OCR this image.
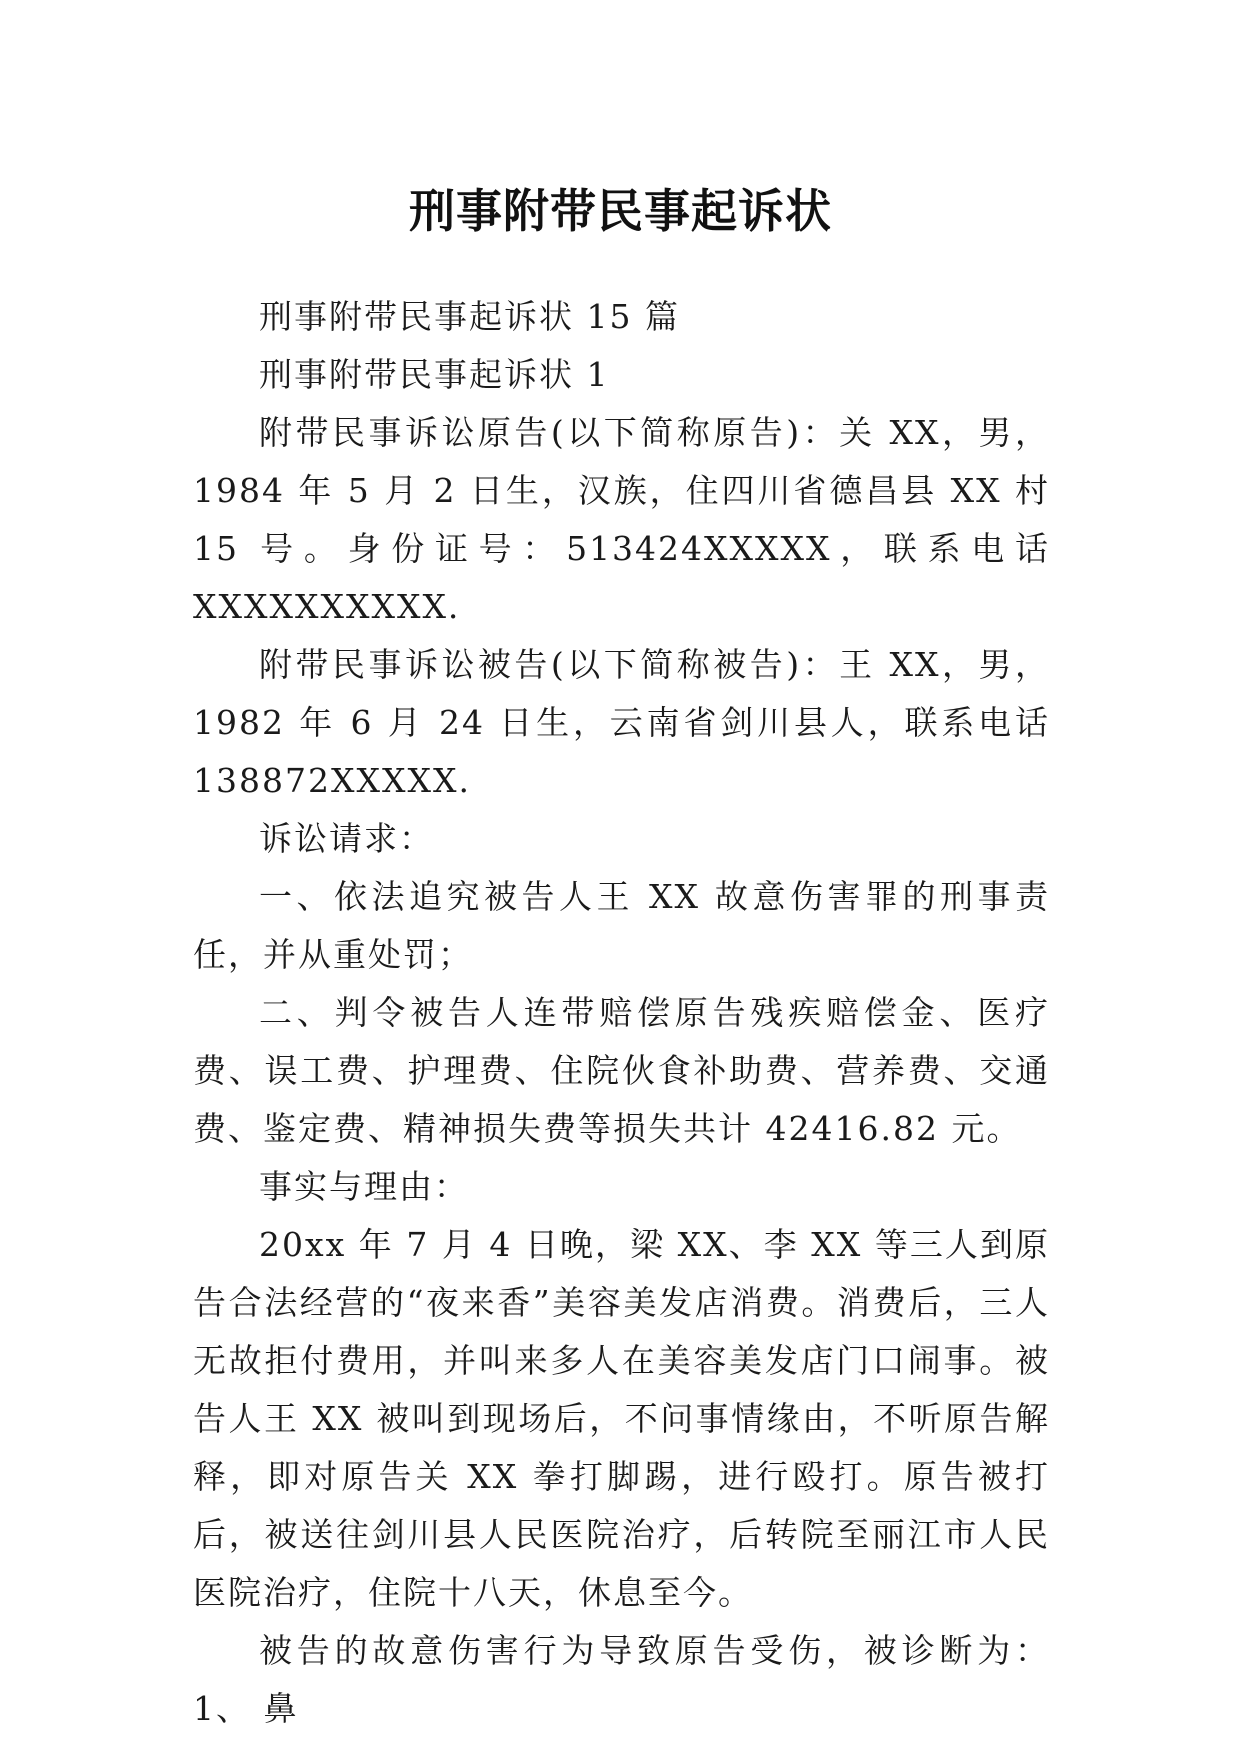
刑事附带民事起诉状

刑事附带民事起诉状 15 篇

刑事附带民事起诉状 1

附带民事诉讼原告(以下简称原告)：关 XX，男，1984 年 5 月 2 日生，汉族，住四川省德昌县 XX 村 15 号。身份证号：513424XXXXX，联系电话 XXXXXXXXXX.

附带民事诉讼被告(以下简称被告)：王 XX，男，1982 年 6 月 24 日生，云南省剑川县人，联系电话 138872XXXXX.

诉讼请求：

一、依法追究被告人王 XX 故意伤害罪的刑事责任，并从重处罚；

二、判令被告人连带赔偿原告残疾赔偿金、医疗费、误工费、护理费、住院伙食补助费、营养费、交通费、鉴定费、精神损失费等损失共计 42416.82 元。

事实与理由：

20xx 年 7 月 4 日晚，梁 XX、李 XX 等三人到原告合法经营的“夜来香”美容美发店消费。消费后，三人无故拒付费用，并叫来多人在美容美发店门口闹事。被告人王 XX 被叫到现场后，不问事情缘由，不听原告解释，即对原告关 XX 拳打脚踢，进行殴打。原告被打后，被送往剑川县人民医院治疗，后转院至丽江市人民医院治疗，住院十八天，休息至今。

被告的故意伤害行为导致原告受伤，被诊断为：1、 鼻
